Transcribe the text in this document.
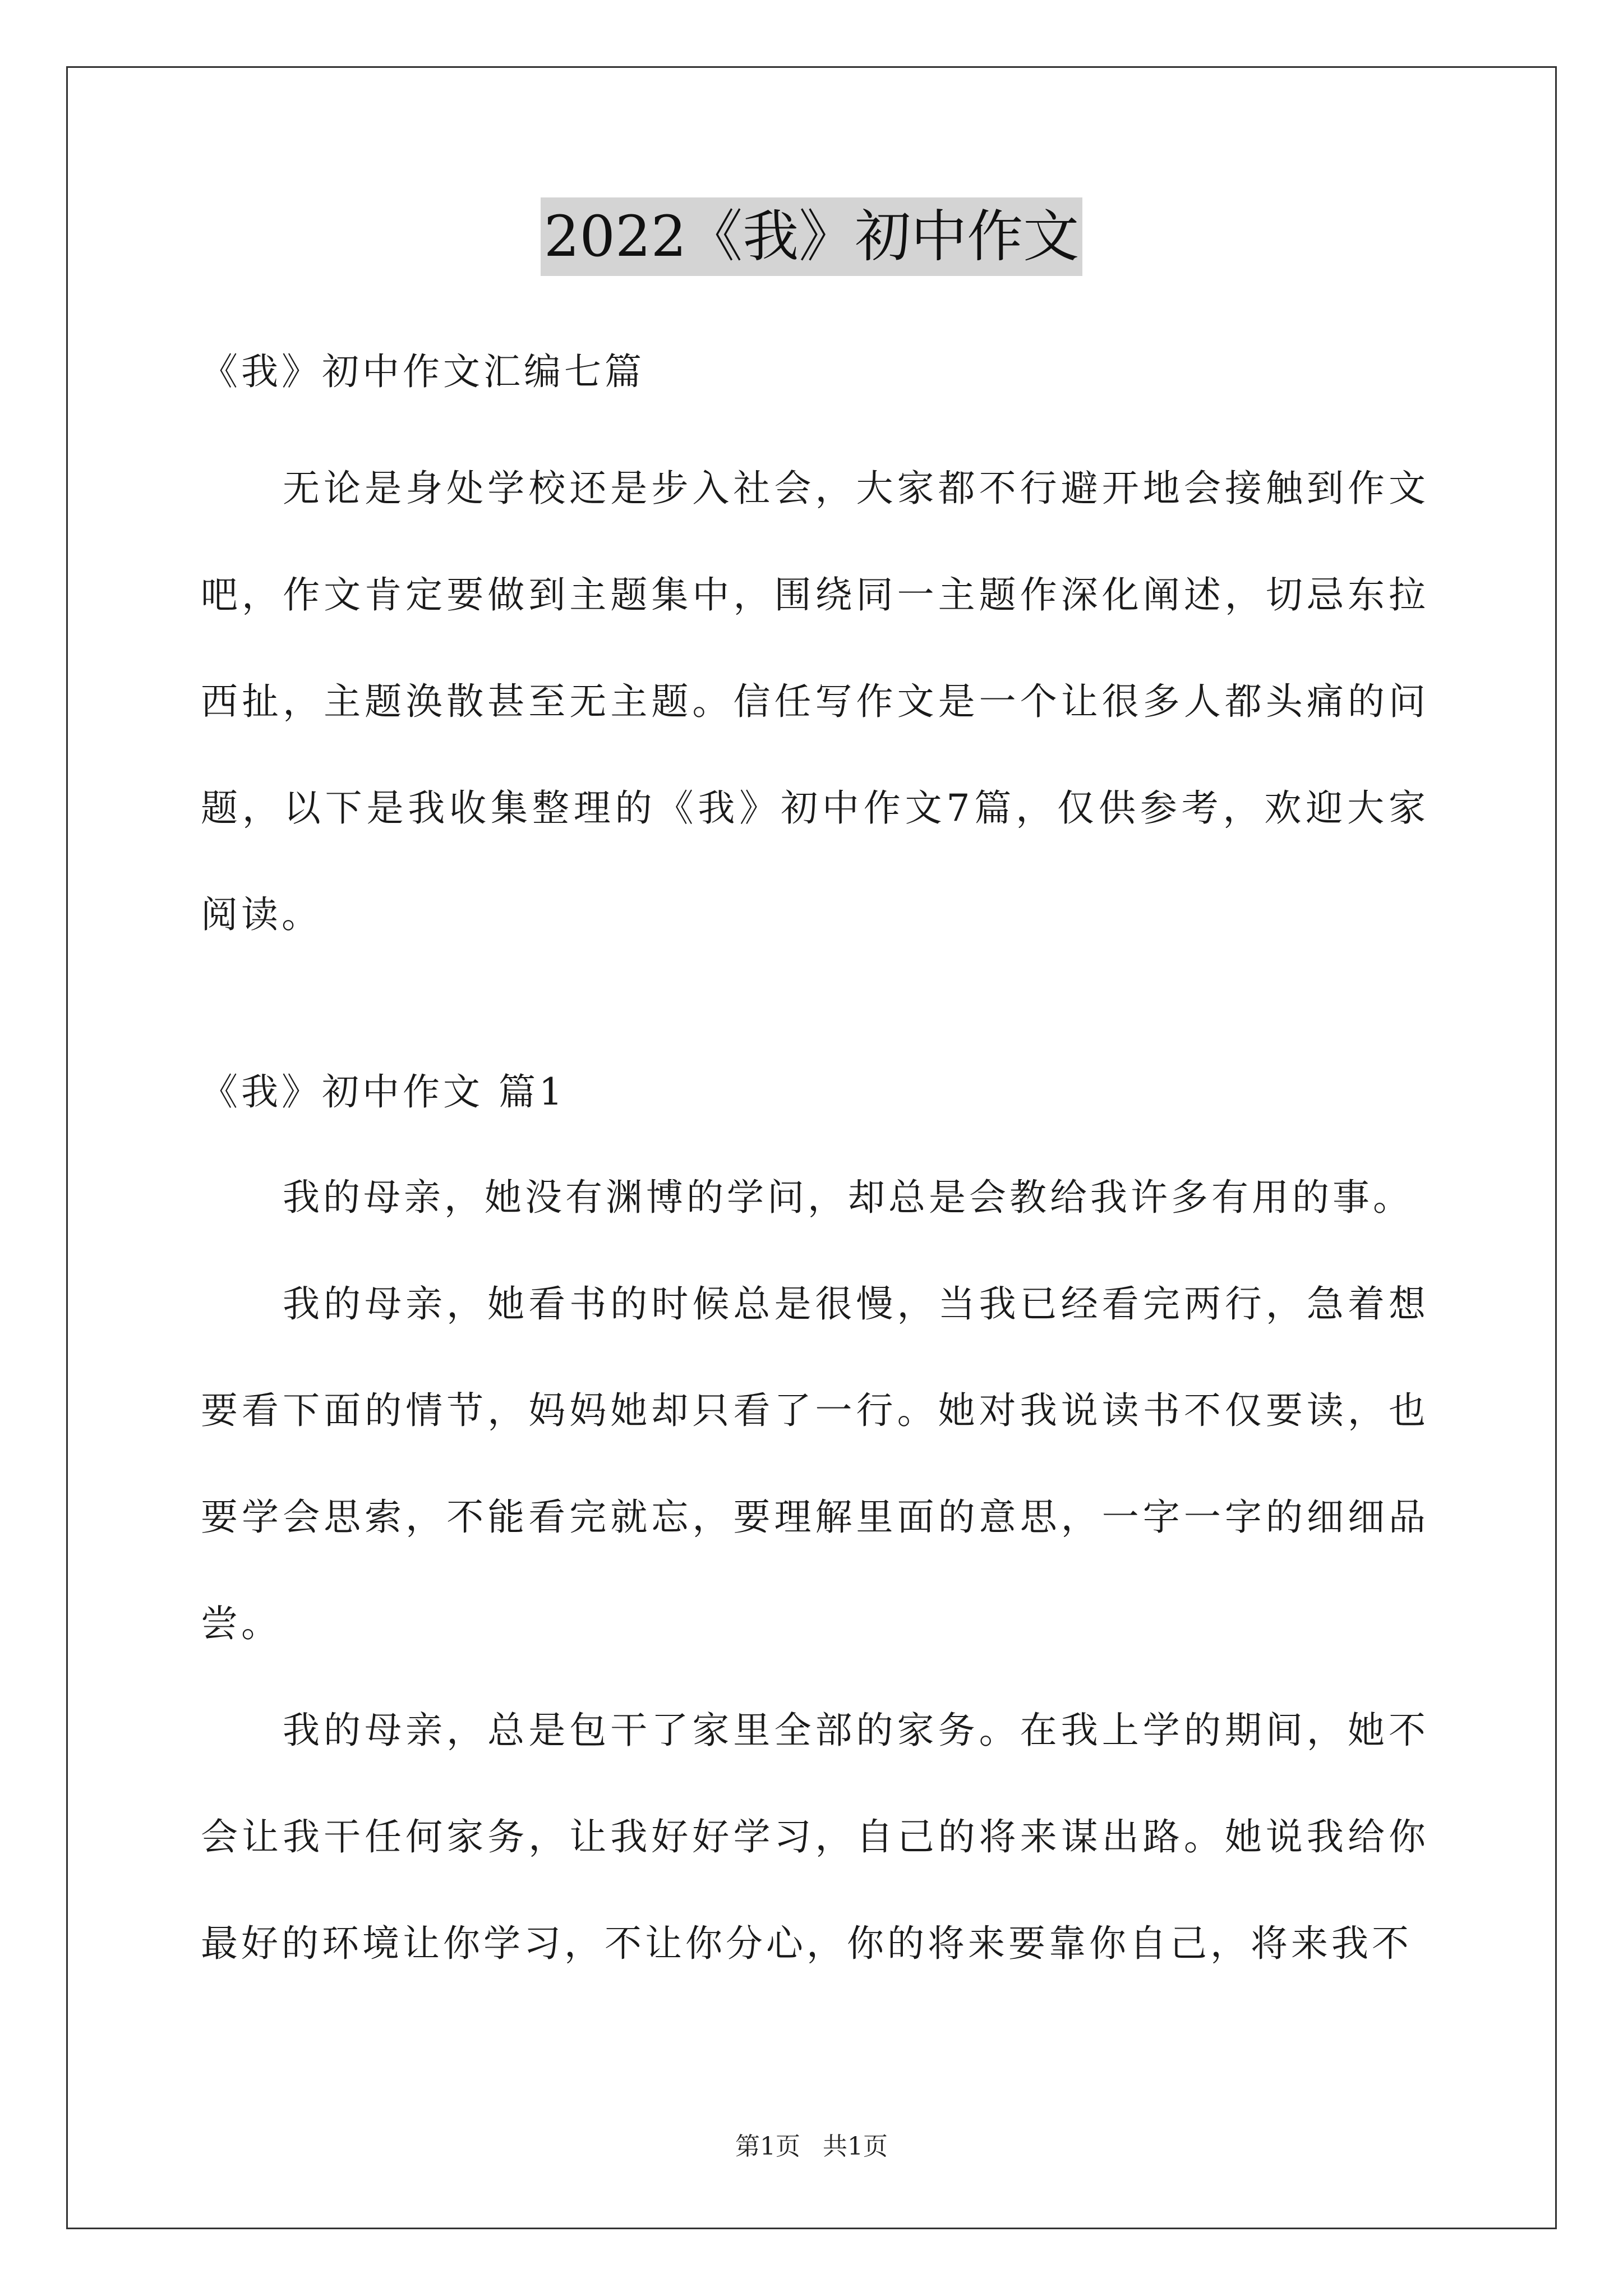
2022《我》初中作文
《我》初中作文汇编七篇

无论是身处学校还是步入社会，大家都不行避开地会接触到作文吧，作文肯定要做到主题集中，围绕同一主题作深化阐述，切忌东拉西扯，主题涣散甚至无主题。信任写作文是一个让很多人都头痛的问题，以下是我收集整理的《我》初中作文7篇，仅供参考，欢迎大家阅读。

《我》初中作文 篇1

我的母亲，她没有渊博的学问，却总是会教给我许多有用的事。

我的母亲，她看书的时候总是很慢，当我已经看完两行，急着想要看下面的情节，妈妈她却只看了一行。她对我说读书不仅要读，也要学会思索，不能看完就忘，要理解里面的意思，一字一字的细细品尝。

我的母亲，总是包干了家里全部的家务。在我上学的期间，她不会让我干任何家务，让我好好学习，自己的将来谋出路。她说我给你最好的环境让你学习，不让你分心，你的将来要靠你自己，将来我不

第1页 共1页
